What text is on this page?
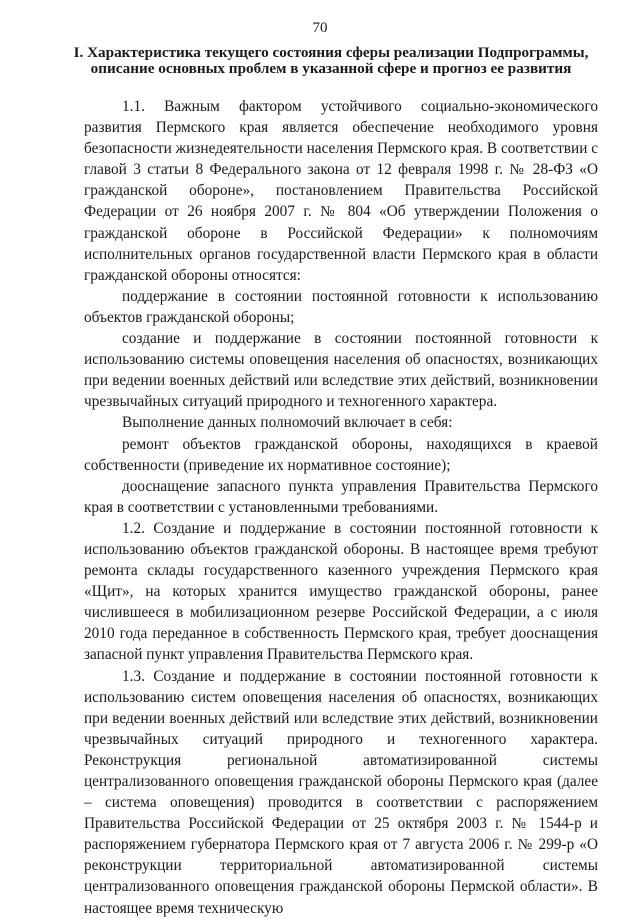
70
I. Характеристика текущего состояния сферы реализации Подпрограммы, описание основных проблем в указанной сфере и прогноз ее развития

1.1. Важным фактором устойчивого социально-экономического развития Пермского края является обеспечение необходимого уровня безопасности жизнедеятельности населения Пермского края. В соответствии с главой 3 статьи 8 Федерального закона от 12 февраля 1998 г. № 28-ФЗ «О гражданской обороне», постановлением Правительства Российской Федерации от 26 ноября 2007 г. № 804 «Об утверждении Положения о гражданской обороне в Российской Федерации» к полномочиям исполнительных органов государственной власти Пермского края в области гражданской обороны относятся:

поддержание в состоянии постоянной готовности к использованию объектов гражданской обороны;

создание и поддержание в состоянии постоянной готовности к использованию системы оповещения населения об опасностях, возникающих при ведении военных действий или вследствие этих действий, возникновении чрезвычайных ситуаций природного и техногенного характера.

Выполнение данных полномочий включает в себя:

ремонт объектов гражданской обороны, находящихся в краевой собственности (приведение их нормативное состояние);

дооснащение запасного пункта управления Правительства Пермского края в соответствии с установленными требованиями.

1.2. Создание и поддержание в состоянии постоянной готовности к использованию объектов гражданской обороны. В настоящее время требуют ремонта склады государственного казенного учреждения Пермского края «Щит», на которых хранится имущество гражданской обороны, ранее числившееся в мобилизационном резерве Российской Федерации, а с июля 2010 года переданное в собственность Пермского края, требует дооснащения запасной пункт управления Правительства Пермского края.

1.3. Создание и поддержание в состоянии постоянной готовности к использованию систем оповещения населения об опасностях, возникающих при ведении военных действий или вследствие этих действий, возникновении чрезвычайных ситуаций природного и техногенного характера. Реконструкция региональной автоматизированной системы централизованного оповещения гражданской обороны Пермского края (далее – система оповещения) проводится в соответствии с распоряжением Правительства Российской Федерации от 25 октября 2003 г. № 1544-р и распоряжением губернатора Пермского края от 7 августа 2006 г. № 299-р «О реконструкции территориальной автоматизированной системы централизованного оповещения гражданской обороны Пермской области». В настоящее время техническую
